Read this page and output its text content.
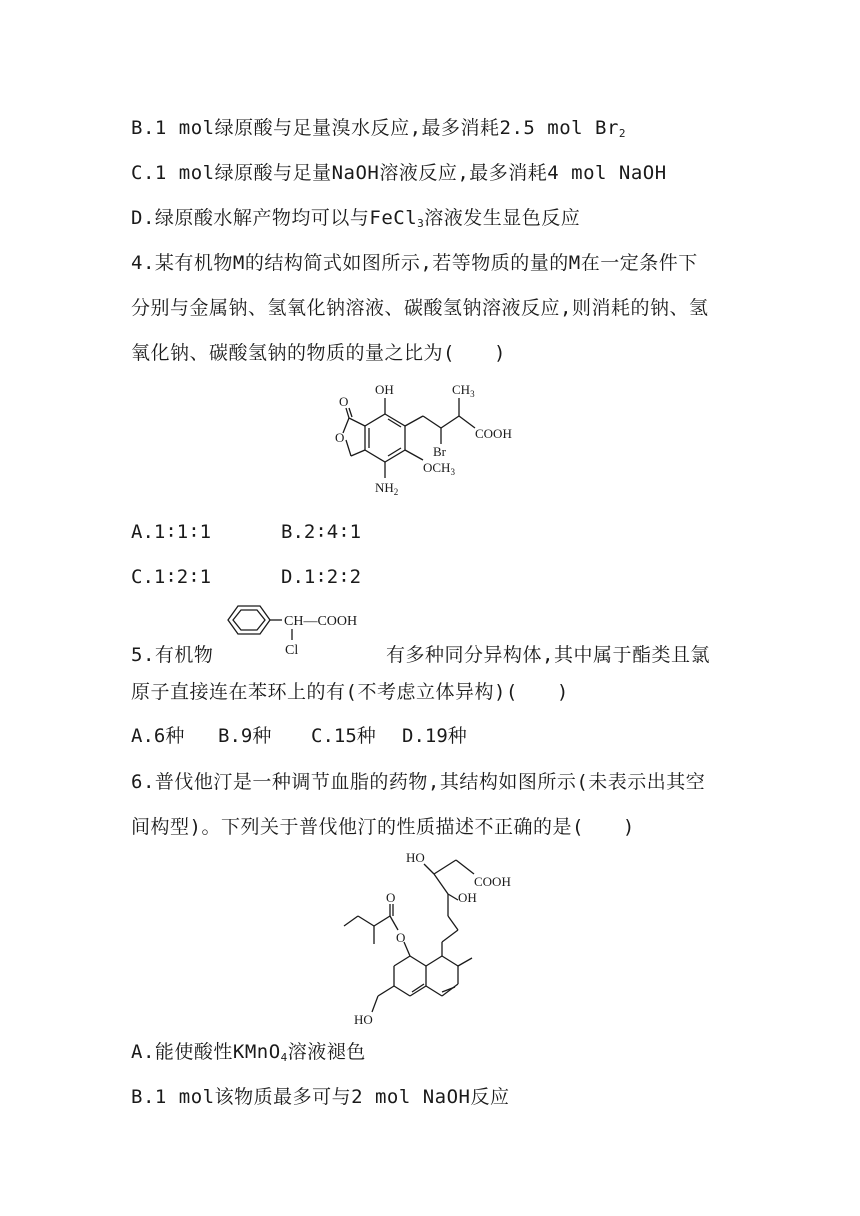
B.1 mol绿原酸与足量溴水反应,最多消耗2.5 mol $Br_2$
C.1 mol绿原酸与足量NaOH溶液反应,最多消耗4 mol NaOH
D.绿原酸水解产物均可以与FeCl$_3$溶液发生显色反应
4.某有机物M的结构简式如图所示,若等物质的量的M在一定条件下
分别与金属钠、氢氧化钠溶液、碳酸氢钠溶液反应,则消耗的钠、氢
氧化钠、碳酸氢钠的物质的量之比为(　　)
O
O
OH	$CH_3$
COOH
Br
$OCH_3$
$NH_2$
A.1∶1∶1	B.2∶4∶1
C.1∶2∶1	D.1∶2∶2
5.有机物
CH—COOH
Cl	有多种同分异构体,其中属于酯类且氯
原子直接连在苯环上的有(不考虑立体异构)(　　)
A.6种 B.9种 C.15种 D.19种
6.普伐他汀是一种调节血脂的药物,其结构如图所示(未表示出其空
间构型)。下列关于普伐他汀的性质描述不正确的是(　　)
HO
COOH
OH
HO
O
O
A.能使酸性KMnO$_4$溶液褪色
B.1 mol该物质最多可与2 mol NaOH反应
